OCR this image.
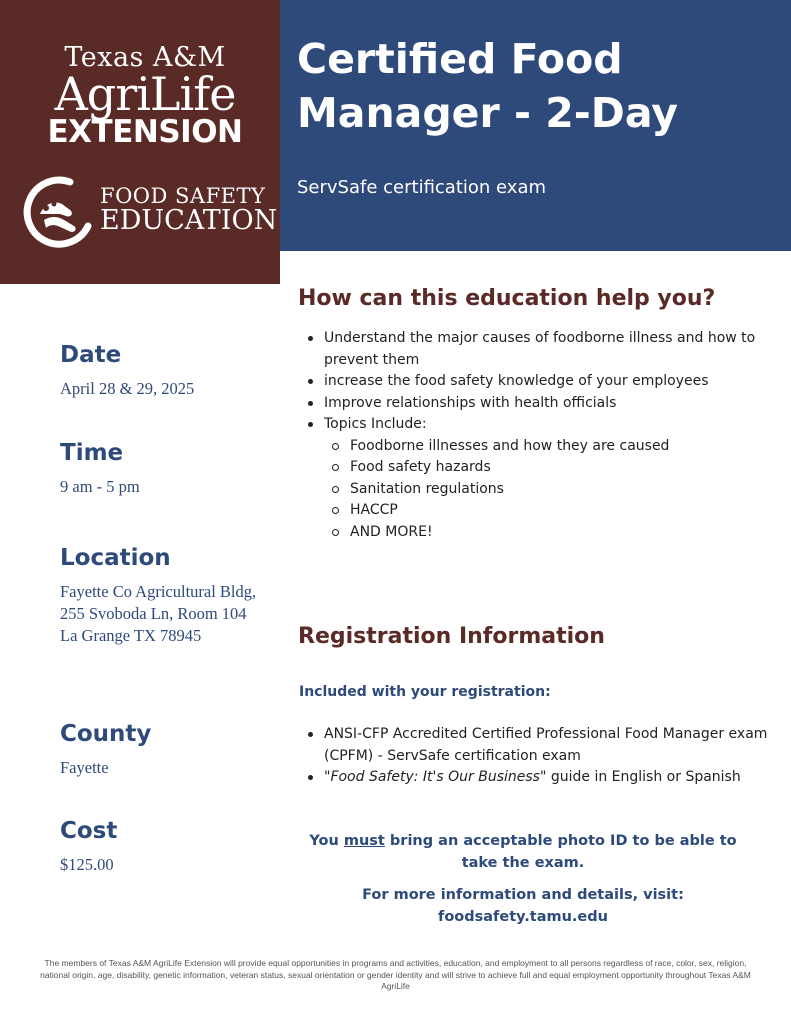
Texas A&M
AgriLife
EXTENSION
FOOD SAFETY
EDUCATION
Certified Food Manager - 2-Day
ServSafe certification exam
Date
April 28 & 29, 2025
Time
9 am - 5 pm
Location
Fayette Co Agricultural Bldg,
255 Svoboda Ln, Room 104
La Grange TX 78945
County
Fayette
Cost
$125.00
How can this education help you?
Understand the major causes of foodborne illness and how to prevent them
increase the food safety knowledge of your employees
Improve relationships with health officials
Topics Include:
Foodborne illnesses and how they are caused
Food safety hazards
Sanitation regulations
HACCP
AND MORE!
Registration Information
Included with your registration:
ANSI-CFP Accredited Certified Professional Food Manager exam (CPFM) - ServSafe certification exam
"Food Safety: It's Our Business" guide in English or Spanish
You must bring an acceptable photo ID to be able to take the exam.
For more information and details, visit:
foodsafety.tamu.edu
The members of Texas A&M AgriLife Extension will provide equal opportunities in programs and activities, education, and employment to all persons regardless of race, color, sex, religion, national origin, age, disability, genetic information, veteran status, sexual orientation or gender identity and will strive to achieve full and equal employment opportunity throughout Texas A&M AgriLife
